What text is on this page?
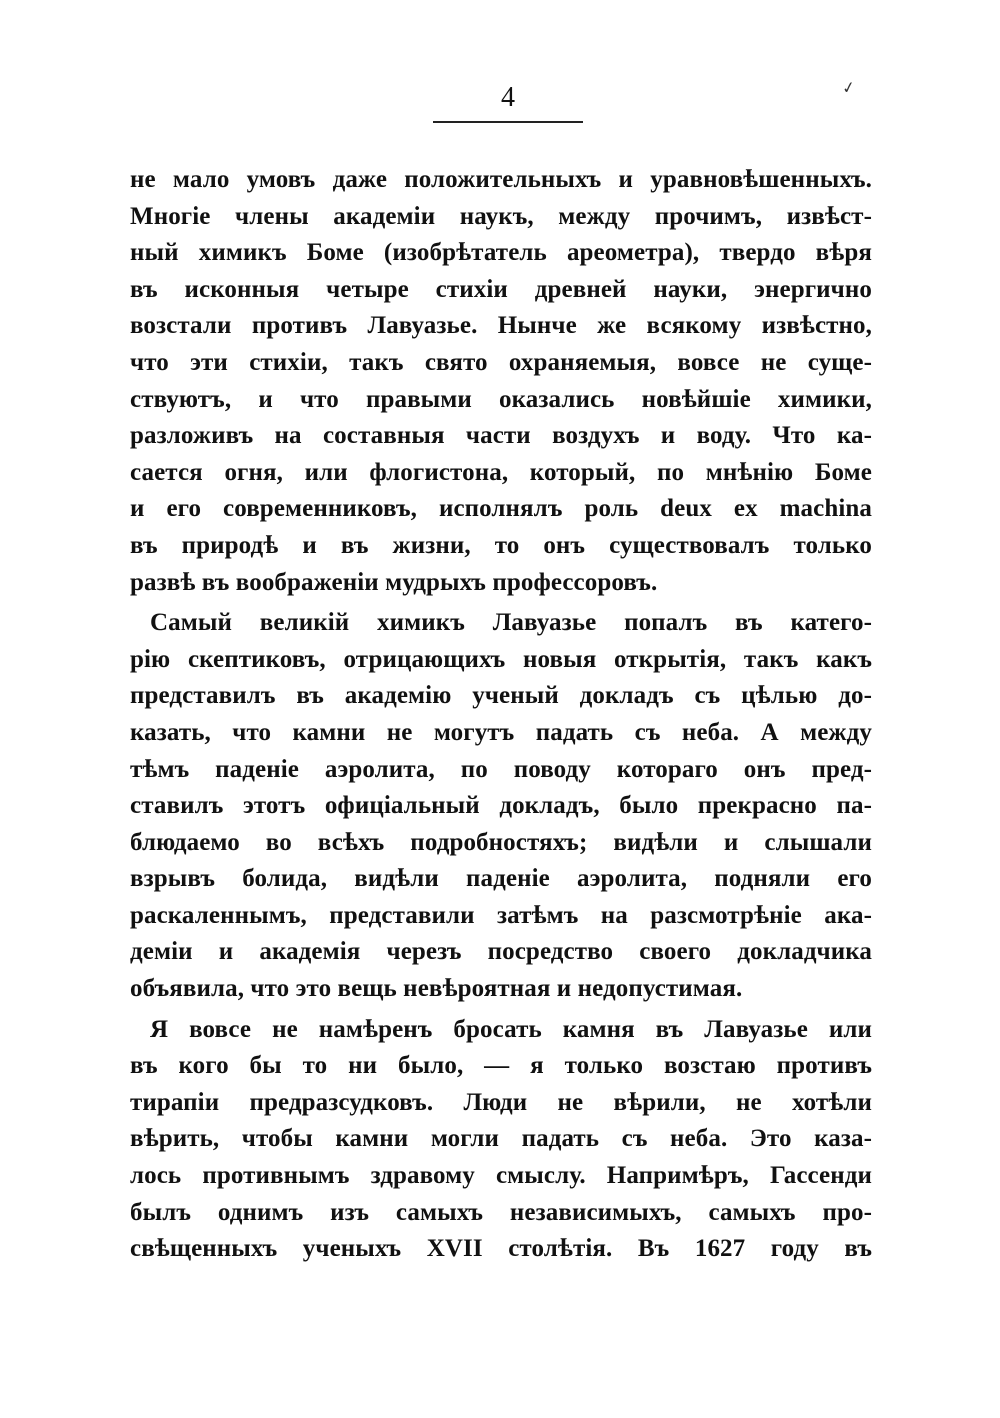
4	✓
не мало умовъ даже положительныхъ и уравновѣшенныхъ.
Многіе члены академіи наукъ, между прочимъ, извѣст-
ный химикъ Боме (изобрѣтатель ареометра), твердо вѣря
въ исконныя четыре стихіи древней науки, энергично
возстали противъ Лавуазье. Нынче же всякому извѣстно,
что эти стихіи, такъ свято охраняемыя, вовсе не суще-
ствуютъ, и что правыми оказались новѣйшіе химики,
разложивъ на составныя части воздухъ и воду. Что ка-
сается огня, или флогистона, который, по мнѣнію Боме
и его современниковъ, исполнялъ роль deux ex machina
въ природѣ и въ жизни, то онъ существовалъ только
развѣ въ воображеніи мудрыхъ профессоровъ.
Самый великій химикъ Лавуазье попалъ въ катего-
рію скептиковъ, отрицающихъ новыя открытія, такъ какъ
представилъ въ академію ученый докладъ съ цѣлью до-
казать, что камни не могутъ падать съ неба. А между
тѣмъ паденіе аэролита, по поводу котораго онъ пред-
ставилъ этотъ офиціальный докладъ, было прекрасно па-
блюдаемо во всѣхъ подробностяхъ; видѣли и слышали
взрывъ болида, видѣли паденіе аэролита, подняли его
раскаленнымъ, представили затѣмъ на разсмотрѣніе ака-
деміи и академія черезъ посредство своего докладчика
объявила, что это вещь невѣроятная и недопустимая.
Я вовсе не намѣренъ бросать камня въ Лавуазье или
въ кого бы то ни было, — я только возстаю противъ
тирапіи предразсудковъ. Люди не вѣрили, не хотѣли
вѣрить, чтобы камни могли падать съ неба. Это каза-
лось противнымъ здравому смыслу. Напримѣръ, Гассенди
былъ однимъ изъ самыхъ независимыхъ, самыхъ про-
свѣщенныхъ ученыхъ XVII столѣтія. Въ 1627 году въ
